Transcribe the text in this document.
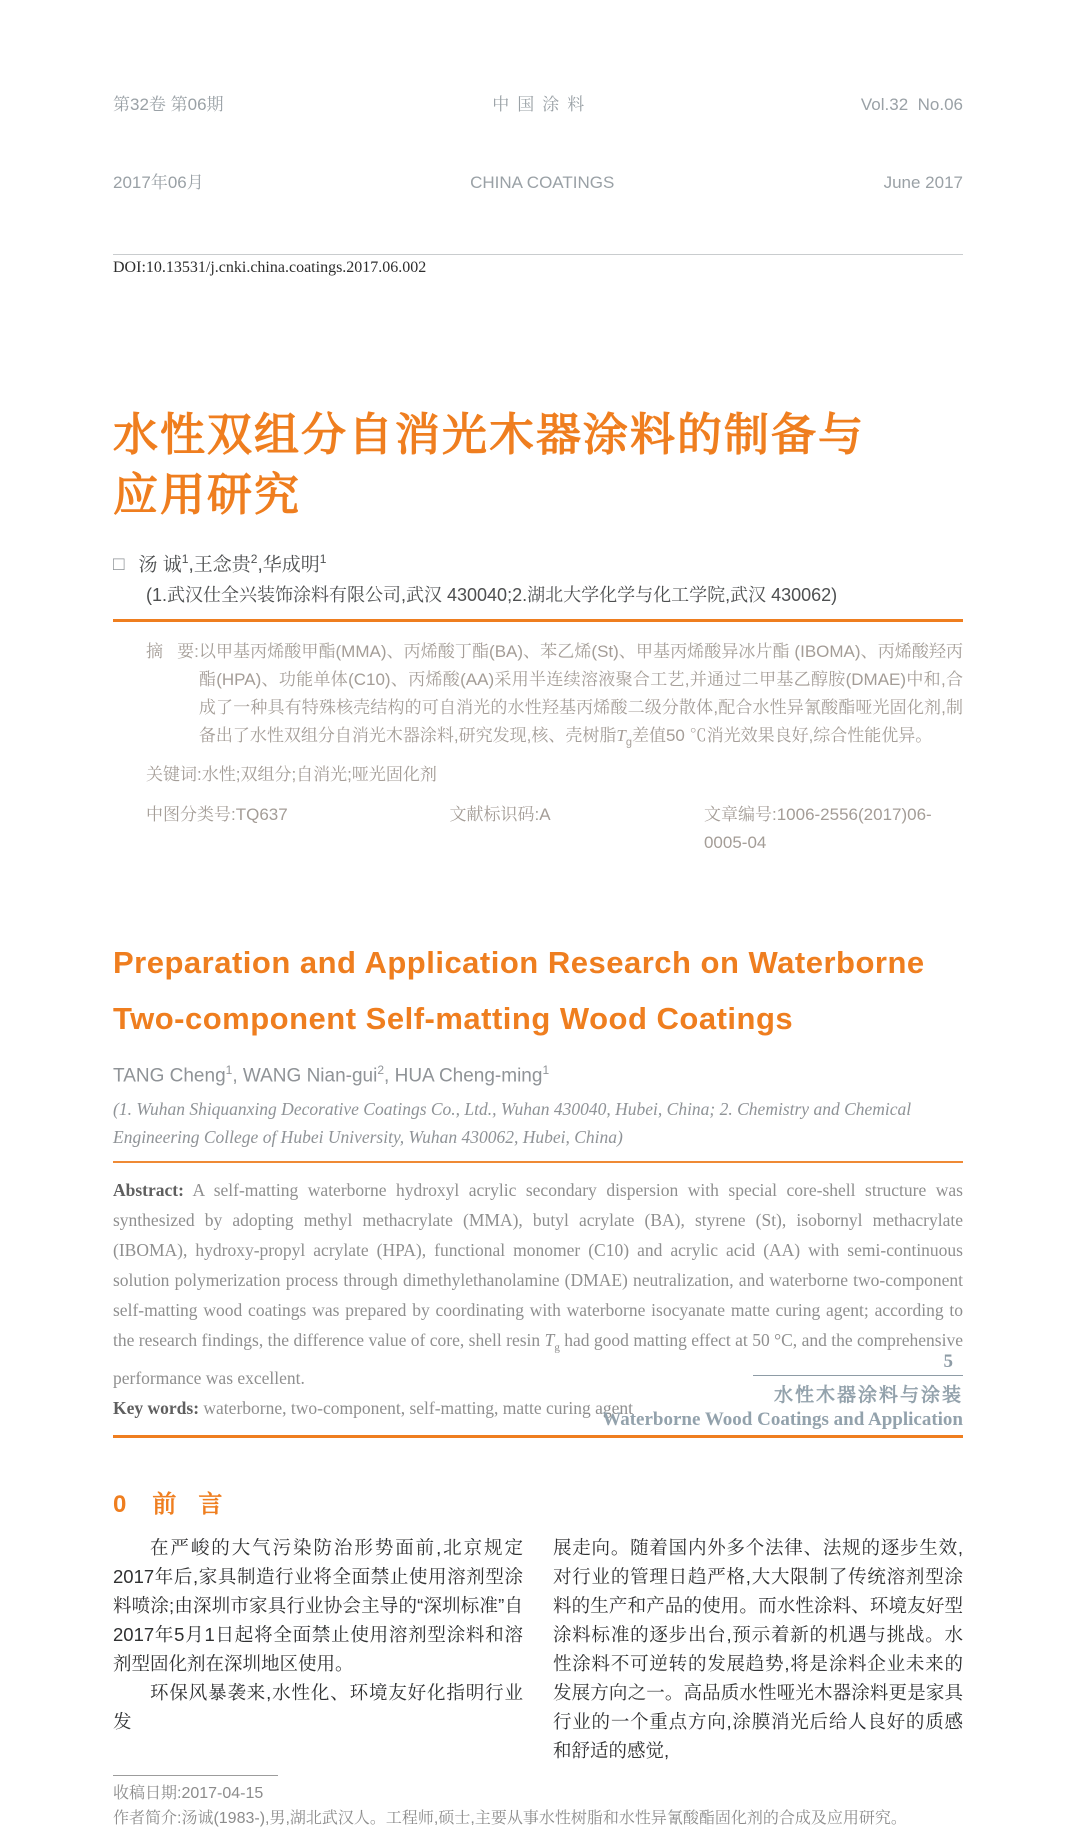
第32卷 第06期

2017年06月

中国涂料

CHINA COATINGS

Vol.32  No.06

June 2017

DOI:10.13531/j.cnki.china.coatings.2017.06.002
水性双组分自消光木器涂料的制备与
应用研究
□ 汤 诚$^1$,王念贵$^2$,华成明$^1$
(1.武汉仕全兴装饰涂料有限公司,武汉 430040;2.湖北大学化学与化工学院,武汉 430062)
摘   要: 以甲基丙烯酸甲酯(MMA)、丙烯酸丁酯(BA)、苯乙烯(St)、甲基丙烯酸异冰片酯 (IBOMA)、丙烯酸羟丙酯(HPA)、功能单体(C10)、丙烯酸(AA)采用半连续溶液聚合工艺,并通过二甲基乙醇胺(DMAE)中和,合成了一种具有特殊核壳结构的可自消光的水性羟基丙烯酸二级分散体,配合水性异氰酸酯哑光固化剂,制备出了水性双组分自消光木器涂料,研究发现,核、壳树脂$T_g$差值50 ℃消光效果良好,综合性能优异。
关键词: 水性;双组分;自消光;哑光固化剂
中图分类号:TQ637	文献标识码:A	文章编号:1006-2556(2017)06-0005-04
Preparation and Application Research on Waterborne
Two-component Self-matting Wood Coatings
TANG Cheng$^1$, WANG Nian-gui$^2$, HUA Cheng-ming$^1$
(1. Wuhan Shiquanxing Decorative Coatings Co., Ltd., Wuhan 430040, Hubei, China; 2. Chemistry and Chemical Engineering College of Hubei University, Wuhan 430062, Hubei, China)
Abstract: A self-matting waterborne hydroxyl acrylic secondary dispersion with special core-shell structure was synthesized by adopting methyl methacrylate (MMA), butyl acrylate (BA), styrene (St), isobornyl methacrylate (IBOMA), hydroxy-propyl acrylate (HPA), functional monomer (C10) and acrylic acid (AA) with semi-continuous solution polymerization process through dimethylethanolamine (DMAE) neutralization, and waterborne two-component self-matting wood coatings was prepared by coordinating with waterborne isocyanate matte curing agent; according to the research findings, the difference value of core, shell resin $T_g$ had good matting effect at 50 °C, and the comprehensive performance was excellent.
Key words: waterborne, two-component, self-matting, matte curing agent
0 前言

在严峻的大气污染防治形势面前,北京规定2017年后,家具制造行业将全面禁止使用溶剂型涂料喷涂;由深圳市家具行业协会主导的“深圳标准”自2017年5月1日起将全面禁止使用溶剂型涂料和溶剂型固化剂在深圳地区使用。

环保风暴袭来,水性化、环境友好化指明行业发

展走向。随着国内外多个法律、法规的逐步生效,对行业的管理日趋严格,大大限制了传统溶剂型涂料的生产和产品的使用。而水性涂料、环境友好型涂料标准的逐步出台,预示着新的机遇与挑战。水性涂料不可逆转的发展趋势,将是涂料企业未来的发展方向之一。高品质水性哑光木器涂料更是家具行业的一个重点方向,涂膜消光后给人良好的质感和舒适的感觉,

收稿日期:2017-04-15
作者简介:汤诚(1983-),男,湖北武汉人。工程师,硕士,主要从事水性树脂和水性异氰酸酯固化剂的合成及应用研究。
5
水性木器涂料与涂装
Waterborne Wood Coatings and Application
